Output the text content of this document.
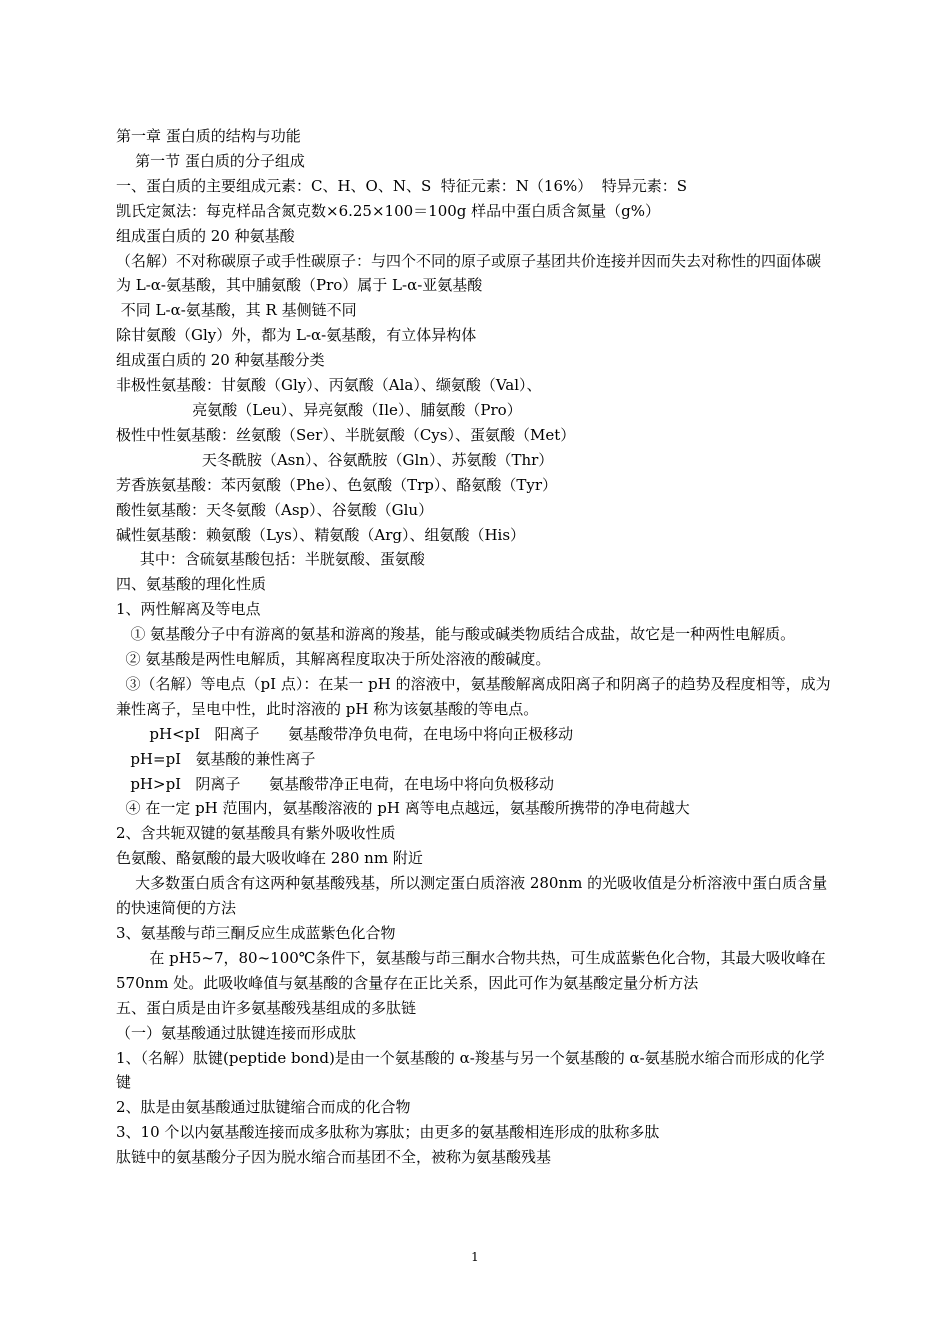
第一章 蛋白质的结构与功能
第一节 蛋白质的分子组成
一、蛋白质的主要组成元素：C、H、O、N、S  特征元素：N（16%）  特异元素：S
凯氏定氮法：每克样品含氮克数×6.25×100＝100g 样品中蛋白质含氮量（g%）
组成蛋白质的 20 种氨基酸
（名解）不对称碳原子或手性碳原子：与四个不同的原子或原子基团共价连接并因而失去对称性的四面体碳
为 L-α-氨基酸，其中脯氨酸（Pro）属于 L-α-亚氨基酸
不同 L-α-氨基酸，其 R 基侧链不同
除甘氨酸（Gly）外，都为 L-α-氨基酸，有立体异构体
组成蛋白质的 20 种氨基酸分类
非极性氨基酸：甘氨酸（Gly）、丙氨酸（Ala）、缬氨酸（Val）、
亮氨酸（Leu）、异亮氨酸（Ile）、脯氨酸（Pro）
极性中性氨基酸：丝氨酸（Ser）、半胱氨酸（Cys）、蛋氨酸（Met）
天冬酰胺（Asn）、谷氨酰胺（Gln）、苏氨酸（Thr）
芳香族氨基酸：苯丙氨酸（Phe）、色氨酸（Trp）、酪氨酸（Tyr）
酸性氨基酸：天冬氨酸（Asp）、谷氨酸（Glu）
碱性氨基酸：赖氨酸（Lys）、精氨酸（Arg）、组氨酸（His）
其中：含硫氨基酸包括：半胱氨酸、蛋氨酸
四、氨基酸的理化性质
1、两性解离及等电点
① 氨基酸分子中有游离的氨基和游离的羧基，能与酸或碱类物质结合成盐，故它是一种两性电解质。
② 氨基酸是两性电解质，其解离程度取决于所处溶液的酸碱度。
③（名解）等电点（pI 点）：在某一 pH 的溶液中，氨基酸解离成阳离子和阴离子的趋势及程度相等，成为兼性离子，呈电中性，此时溶液的 pH 称为该氨基酸的等电点。
pH<pI   阳离子      氨基酸带净负电荷，在电场中将向正极移动
pH=pI   氨基酸的兼性离子
pH>pI   阴离子      氨基酸带净正电荷，在电场中将向负极移动
④ 在一定 pH 范围内，氨基酸溶液的 pH 离等电点越远，氨基酸所携带的净电荷越大
2、含共轭双键的氨基酸具有紫外吸收性质
色氨酸、酪氨酸的最大吸收峰在 280 nm 附近
大多数蛋白质含有这两种氨基酸残基，所以测定蛋白质溶液 280nm 的光吸收值是分析溶液中蛋白质含量的快速简便的方法
3、氨基酸与茚三酮反应生成蓝紫色化合物
在 pH5~7，80~100℃条件下，氨基酸与茚三酮水合物共热，可生成蓝紫色化合物，其最大吸收峰在 570nm 处。此吸收峰值与氨基酸的含量存在正比关系，因此可作为氨基酸定量分析方法
五、蛋白质是由许多氨基酸残基组成的多肽链
（一）氨基酸通过肽键连接而形成肽
1、（名解）肽键(peptide bond)是由一个氨基酸的 α-羧基与另一个氨基酸的 α-氨基脱水缩合而形成的化学键
2、肽是由氨基酸通过肽键缩合而成的化合物
3、10 个以内氨基酸连接而成多肽称为寡肽；由更多的氨基酸相连形成的肽称多肽
肽链中的氨基酸分子因为脱水缩合而基团不全，被称为氨基酸残基
1
